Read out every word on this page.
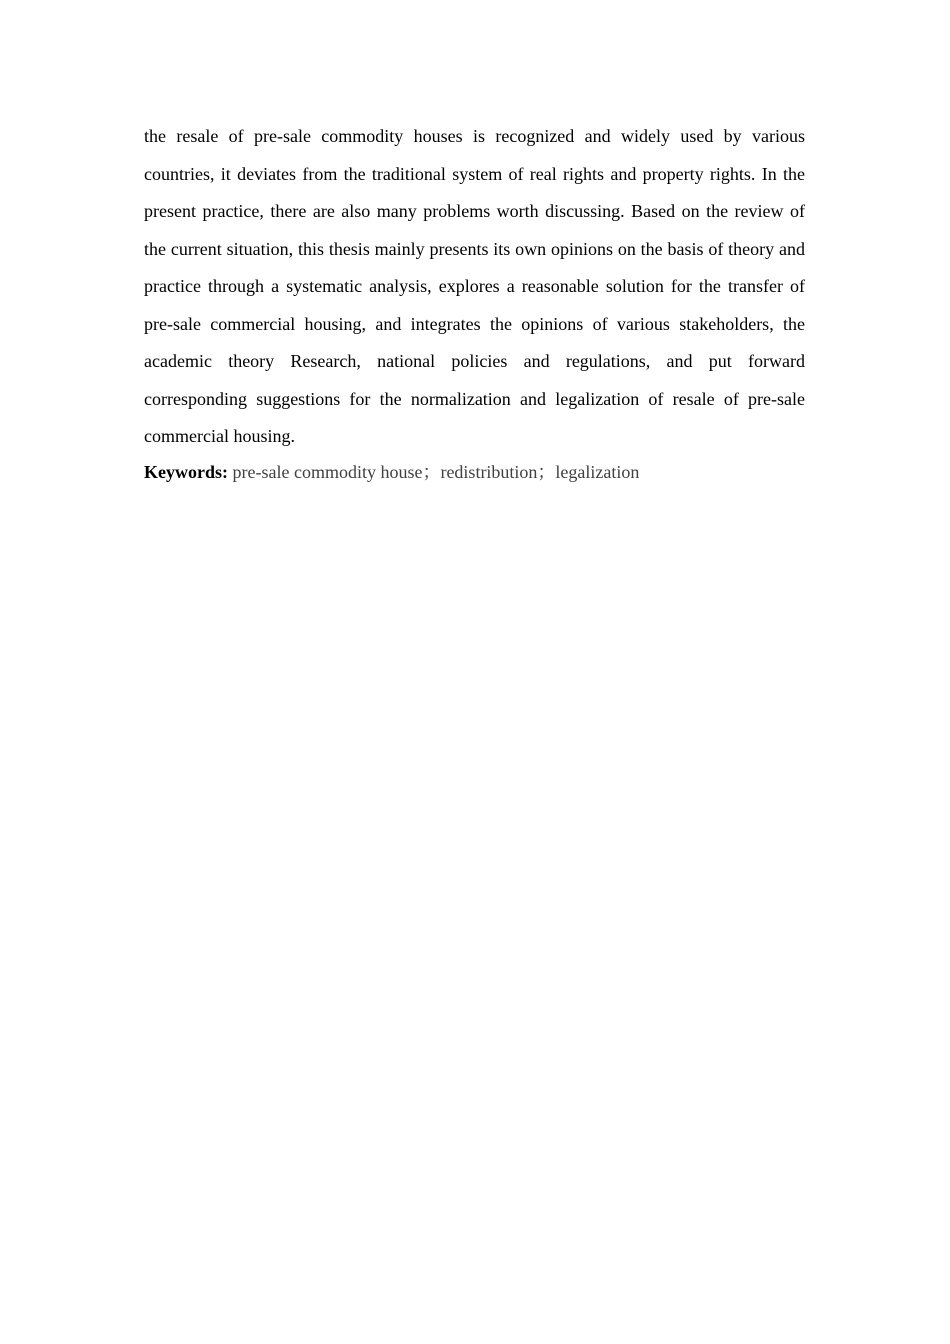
the resale of pre-sale commodity houses is recognized and widely used by various countries, it deviates from the traditional system of real rights and property rights. In the present practice, there are also many problems worth discussing. Based on the review of the current situation, this thesis mainly presents its own opinions on the basis of theory and practice through a systematic analysis, explores a reasonable solution for the transfer of pre-sale commercial housing, and integrates the opinions of various stakeholders, the academic theory Research, national policies and regulations, and put forward corresponding suggestions for the normalization and legalization of resale of pre-sale commercial housing.

Keywords: pre-sale commodity house；redistribution；legalization
